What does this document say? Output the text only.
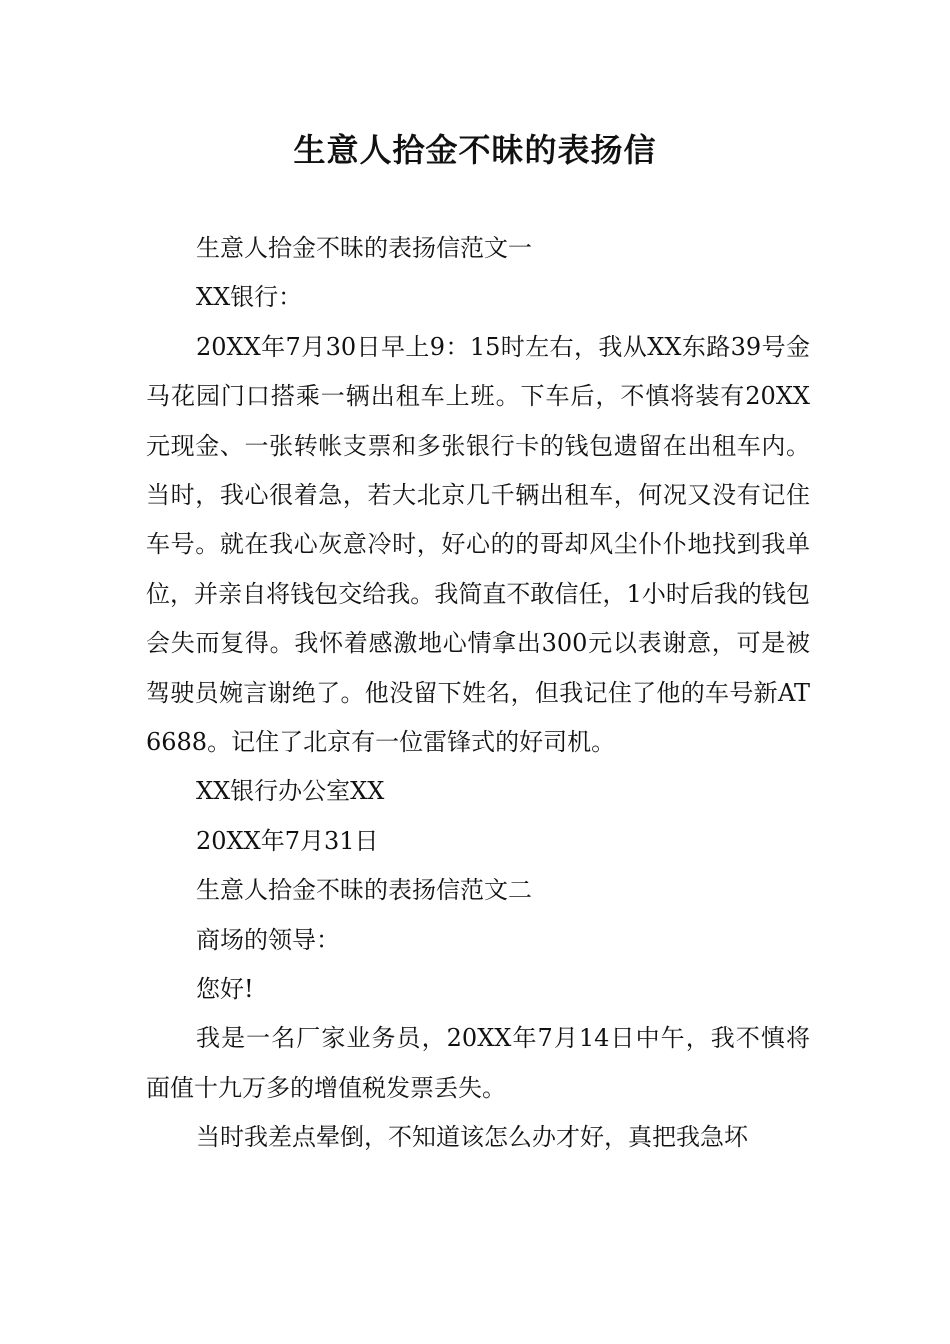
生意人拾金不昧的表扬信
生意人拾金不昧的表扬信范文一
XX银行：

20XX年7月30日早上9：15时左右，我从XX东路39号金马花园门口搭乘一辆出租车上班。下车后，不慎将装有20XX元现金、一张转帐支票和多张银行卡的钱包遗留在出租车内。当时，我心很着急，若大北京几千辆出租车，何况又没有记住车号。就在我心灰意冷时，好心的的哥却风尘仆仆地找到我单位，并亲自将钱包交给我。我简直不敢信任，1小时后我的钱包会失而复得。我怀着感激地心情拿出300元以表谢意，可是被驾驶员婉言谢绝了。他没留下姓名，但我记住了他的车号新AT6688。记住了北京有一位雷锋式的好司机。

XX银行办公室XX
20XX年7月31日
生意人拾金不昧的表扬信范文二
商场的领导：
您好!

我是一名厂家业务员，20XX年7月14日中午，我不慎将面值十九万多的增值税发票丢失。

当时我差点晕倒，不知道该怎么办才好，真把我急坏
